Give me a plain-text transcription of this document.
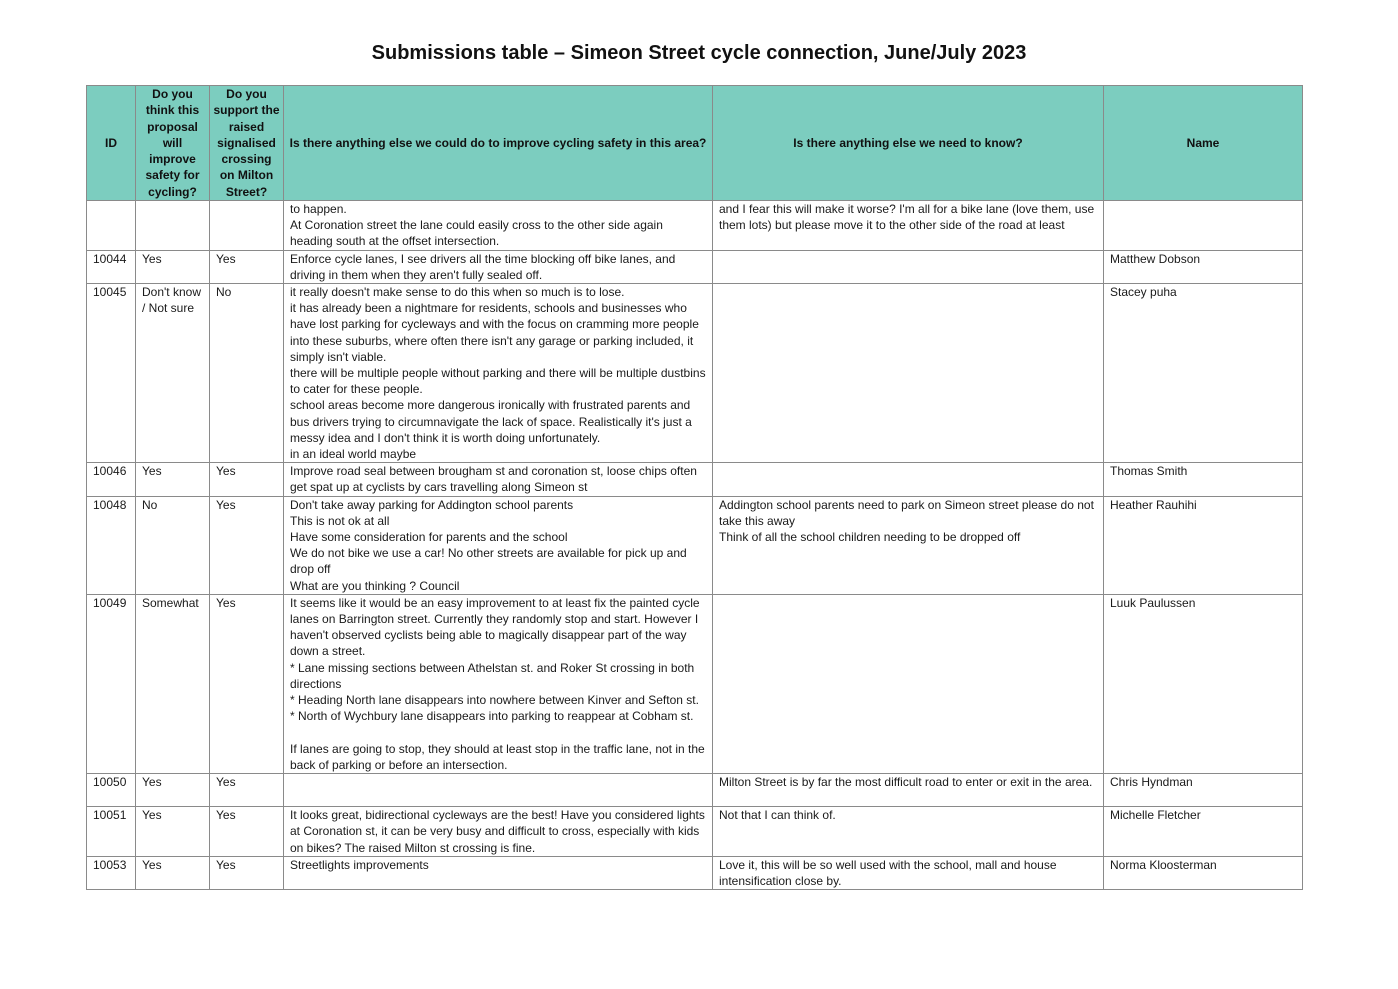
Submissions table – Simeon Street cycle connection, June/July 2023
ID	Do you think this proposal will improve safety for cycling?	Do you support the raised signalised crossing on Milton Street?	Is there anything else we could do to improve cycling safety in this area?	Is there anything else we need to know?	Name

			to happen.
At Coronation street the lane could easily cross to the other side again heading south at the offset intersection.	and I fear this will make it worse? I'm all for a bike lane (love them, use them lots) but please move it to the other side of the road at least	

10044	Yes	Yes	Enforce cycle lanes, I see drivers all the time blocking off bike lanes, and driving in them when they aren't fully sealed off.		Matthew Dobson

10045	Don't know / Not sure	No	it really doesn't make sense to do this when so much is to lose.
it has already been a nightmare for residents, schools and businesses who have lost parking for cycleways and with the focus on cramming more people into these suburbs, where often there isn't any garage or parking included, it simply isn't viable.
there will be multiple people without parking and there will be multiple dustbins to cater for these people.
school areas become more dangerous ironically with frustrated parents and bus drivers trying to circumnavigate the lack of space. Realistically it's just a messy idea and I don't think it is worth doing unfortunately.
in an ideal world maybe		Stacey puha

10046	Yes	Yes	Improve road seal between brougham st and coronation st, loose chips often get spat up at cyclists by cars travelling along Simeon st		Thomas Smith

10048	No	Yes	Don't take away parking for Addington school parents
This is not ok at all
Have some consideration for parents and the school
We do not bike we use a car! No other streets are available for pick up and drop off
What are you thinking ? Council	Addington school parents need to park on Simeon street please do not take this away
Think of all the school children needing to be dropped off	Heather Rauhihi

10049	Somewhat	Yes	It seems like it would be an easy improvement to at least fix the painted cycle lanes on Barrington street. Currently they randomly stop and start. However I haven't observed cyclists being able to magically disappear part of the way down a street.
* Lane missing sections between Athelstan st. and Roker St crossing in both directions
* Heading North lane disappears into nowhere between Kinver and Sefton st.
* North of Wychbury lane disappears into parking to reappear at Cobham st.

If lanes are going to stop, they should at least stop in the traffic lane, not in the back of parking or before an intersection.		Luuk Paulussen

10050	Yes	Yes		Milton Street is by far the most difficult road to enter or exit in the area.	Chris Hyndman

10051	Yes	Yes	It looks great, bidirectional cycleways are the best! Have you considered lights at Coronation st, it can be very busy and difficult to cross, especially with kids on bikes? The raised Milton st crossing is fine.	Not that I can think of.	Michelle Fletcher

10053	Yes	Yes	Streetlights improvements	Love it, this will be so well used with the school, mall and house intensification close by.	Norma Kloosterman
